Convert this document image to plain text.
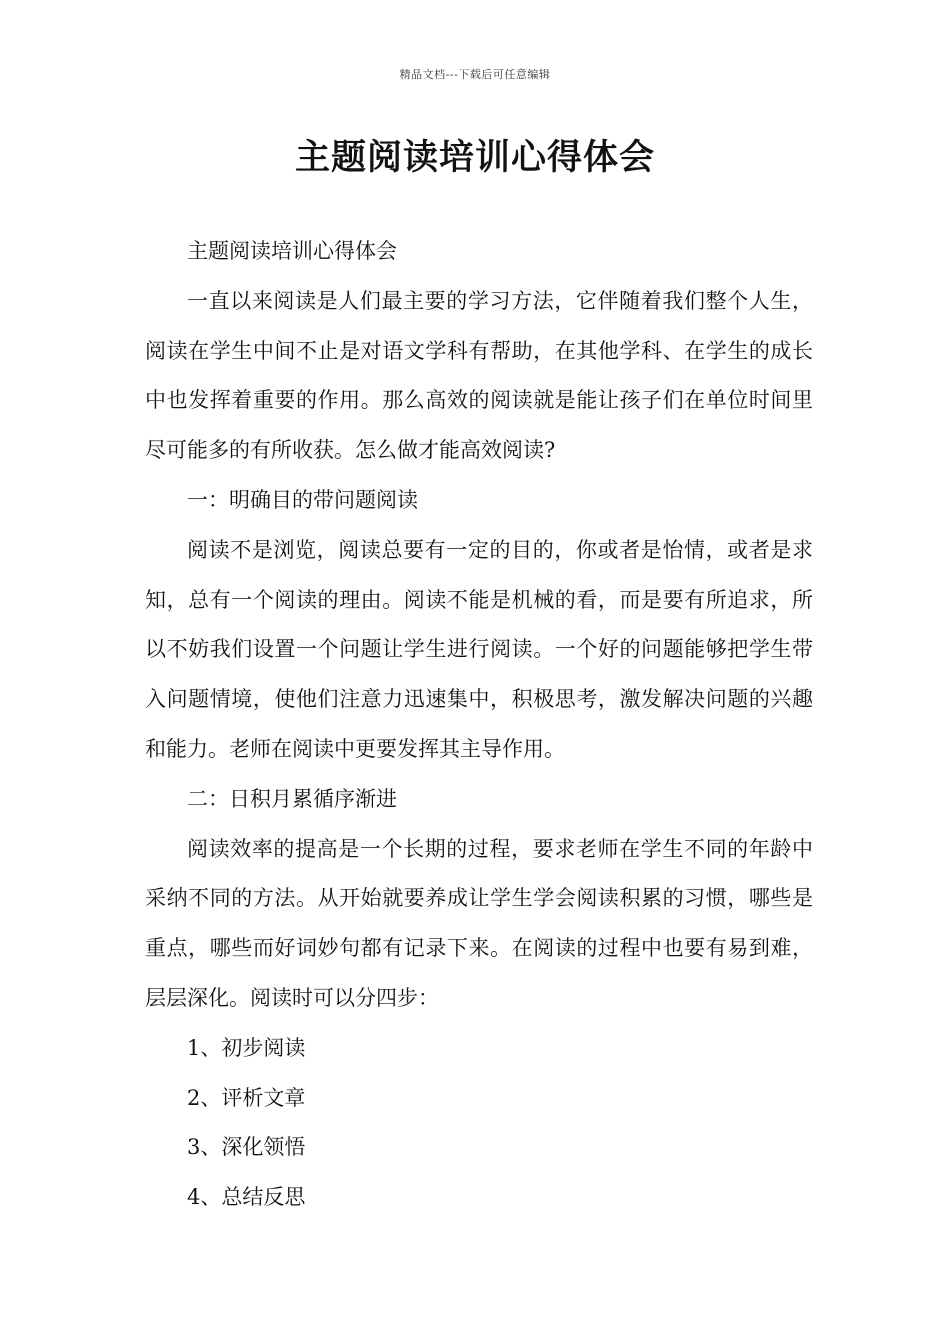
精品文档---下载后可任意编辑
主题阅读培训心得体会

主题阅读培训心得体会

一直以来阅读是人们最主要的学习方法，它伴随着我们整个人生，阅读在学生中间不止是对语文学科有帮助，在其他学科、在学生的成长中也发挥着重要的作用。那么高效的阅读就是能让孩子们在单位时间里尽可能多的有所收获。怎么做才能高效阅读?

一：明确目的带问题阅读

阅读不是浏览，阅读总要有一定的目的，你或者是怡情，或者是求知，总有一个阅读的理由。阅读不能是机械的看，而是要有所追求，所以不妨我们设置一个问题让学生进行阅读。一个好的问题能够把学生带入问题情境，使他们注意力迅速集中，积极思考，激发解决问题的兴趣和能力。老师在阅读中更要发挥其主导作用。

二：日积月累循序渐进

阅读效率的提高是一个长期的过程，要求老师在学生不同的年龄中采纳不同的方法。从开始就要养成让学生学会阅读积累的习惯，哪些是重点，哪些而好词妙句都有记录下来。在阅读的过程中也要有易到难，层层深化。阅读时可以分四步：

1、初步阅读

2、评析文章

3、深化领悟

4、总结反思
